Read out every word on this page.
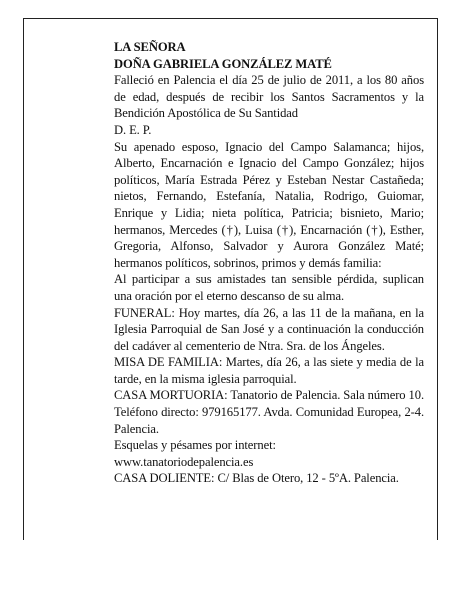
LA SEÑORA

DOÑA GABRIELA GONZÁLEZ MATÉ

Falleció en Palencia el día 25 de julio de 2011, a los 80 años de edad, después de recibir los Santos Sacramentos y la Bendición Apostólica de Su Santidad

D. E. P.

Su apenado esposo, Ignacio del Campo Salamanca; hijos, Alberto, Encarnación e Ignacio del Campo González; hijos políticos, María Estrada Pérez y Esteban Nestar Castañeda; nietos, Fernando, Estefanía, Natalia, Rodrigo, Guiomar, Enrique y Lidia; nieta política, Patricia; bisnieto, Mario; hermanos, Mercedes (†), Luisa (†), Encarnación (†), Esther, Gregoria, Alfonso, Salvador y Aurora González Maté; hermanos políticos, sobrinos, primos y demás familia:

Al participar a sus amistades tan sensible pérdida, suplican una oración por el eterno descanso de su alma.

FUNERAL: Hoy martes, día 26, a las 11 de la mañana, en la Iglesia Parroquial de San José y a continuación la conducción del cadáver al cementerio de Ntra. Sra. de los Ángeles.

MISA DE FAMILIA: Martes, día 26, a las siete y media de la tarde, en la misma iglesia parroquial.

CASA MORTUORIA: Tanatorio de Palencia. Sala número 10. Teléfono directo: 979165177. Avda. Comunidad Europea, 2-4. Palencia.

Esquelas y pésames por internet:

www.tanatoriodepalencia.es

CASA DOLIENTE: C/ Blas de Otero, 12 - 5ºA. Palencia.
